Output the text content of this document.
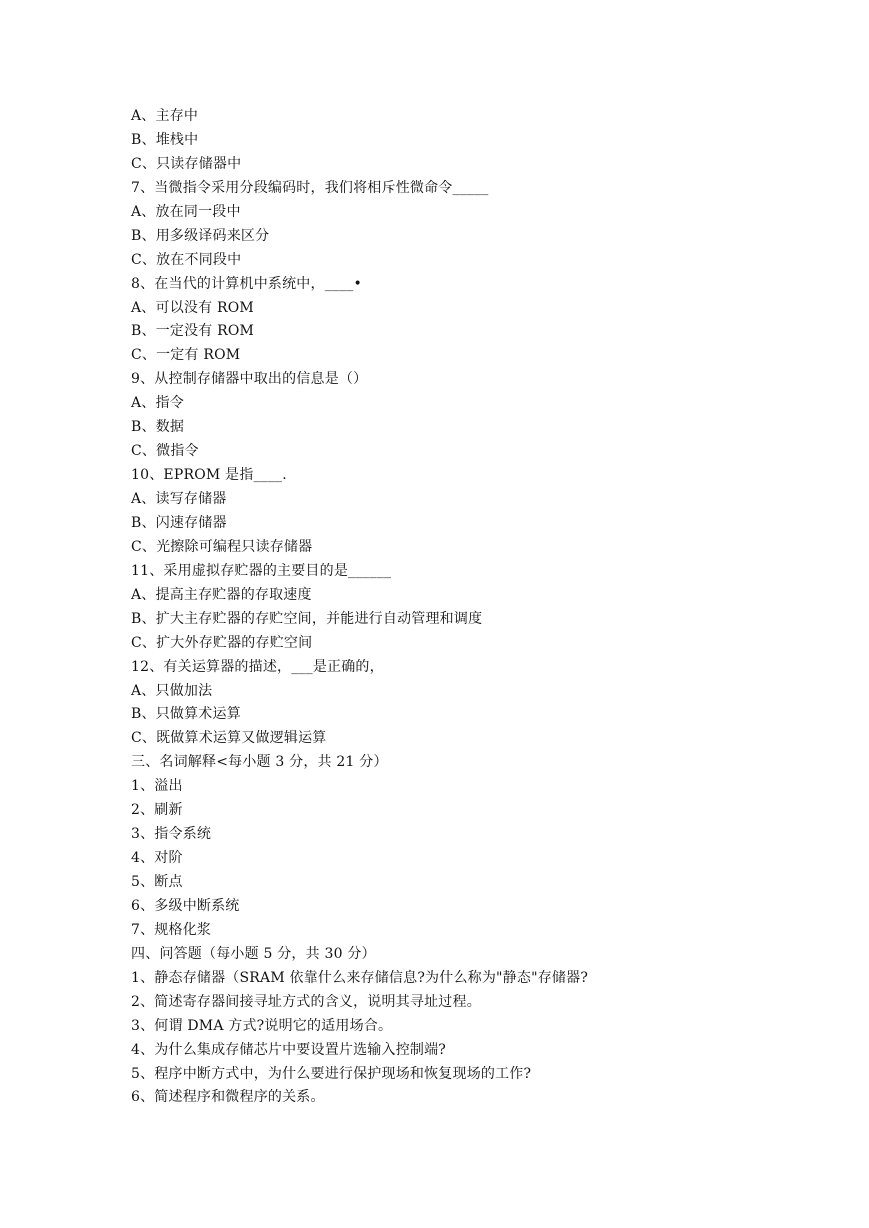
A、主存中
B、堆栈中
C、只读存储器中
7、当微指令采用分段编码时，我们将相斥性微命令_____
A、放在同一段中
B、用多级译码来区分
C、放在不同段中
8、在当代的计算机中系统中，____•
A、可以没有 ROM
B、一定没有 ROM
C、一定有 ROM
9、从控制存储器中取出的信息是（）
A、指令
B、数据
C、微指令
10、EPROM 是指____.
A、读写存储器
B、闪速存储器
C、光擦除可编程只读存储器
11、采用虚拟存贮器的主要目的是______
A、提高主存贮器的存取速度
B、扩大主存贮器的存贮空间，并能进行自动管理和调度
C、扩大外存贮器的存贮空间
12、有关运算器的描述，___是正确的，
A、只做加法
B、只做算术运算
C、既做算术运算又做逻辑运算
三、名词解释<每小题 3 分，共 21 分）
1、溢出
2、刷新
3、指令系统
4、对阶
5、断点
6、多级中断系统
7、规格化浆
四、问答题（每小题 5 分，共 30 分）
1、静态存储器（SRAM 依靠什么来存储信息?为什么称为"静态"存储器?
2、简述寄存器间接寻址方式的含义，说明其寻址过程。
3、何谓 DMA 方式?说明它的适用场合。
4、为什么集成存储芯片中要设置片选输入控制端?
5、程序中断方式中，为什么要进行保护现场和恢复现场的工作?
6、简述程序和微程序的关系。
